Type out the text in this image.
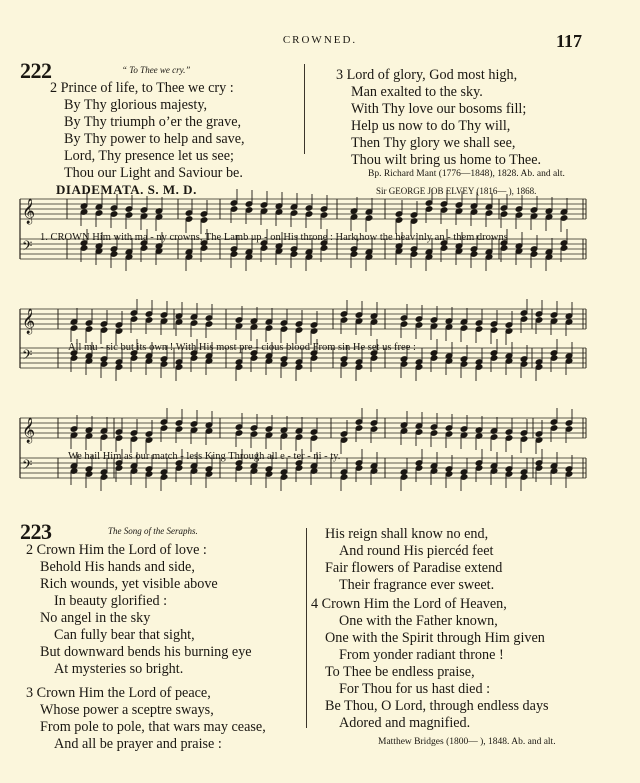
CROWNED.	117
222	“ To Thee we cry.”
2 Prince of life, to Thee we cry :
By Thy glorious majesty,
By Thy triumph o’er the grave,
By Thy power to help and save,
Lord, Thy presence let us see;
Thou our Light and Saviour be.
3 Lord of glory, God most high,
Man exalted to the sky.
With Thy love our bosoms fill;
Help us now to do Thy will,
Then Thy glory we shall see,
Thou wilt bring us home to Thee.
Bp. Richard Mant (1776—1848), 1828. Ab. and alt.
DIADEMATA. S. M. D.	Sir GEORGE JOB ELVEY (1816— ), 1868.
𝄞
𝄢
𝄞
𝄢
𝄞
𝄢
1. CROWN Him with ma - ny crowns, The Lamb up - on His throne : Hark,how the heav’nly an - them drowns
All mu - sic but its own ! With His most pre - cious blood From sin He set us free :
We hail Him as our match - less King Through all e - ter - ni - ty.
223	The Song of the Seraphs.
2 Crown Him the Lord of love :
Behold His hands and side,
Rich wounds, yet visible above
In beauty glorified :
No angel in the sky
Can fully bear that sight,
But downward bends his burning eye
At mysteries so bright.
3 Crown Him the Lord of peace,
Whose power a sceptre sways,
From pole to pole, that wars may cease,
And all be prayer and praise :
His reign shall know no end,
And round His piercéd feet
Fair flowers of Paradise extend
Their fragrance ever sweet.
4 Crown Him the Lord of Heaven,
One with the Father known,
One with the Spirit through Him given
From yonder radiant throne !
To Thee be endless praise,
For Thou for us hast died :
Be Thou, O Lord, through endless days
Adored and magnified.
Matthew Bridges (1800— ), 1848. Ab. and alt.
